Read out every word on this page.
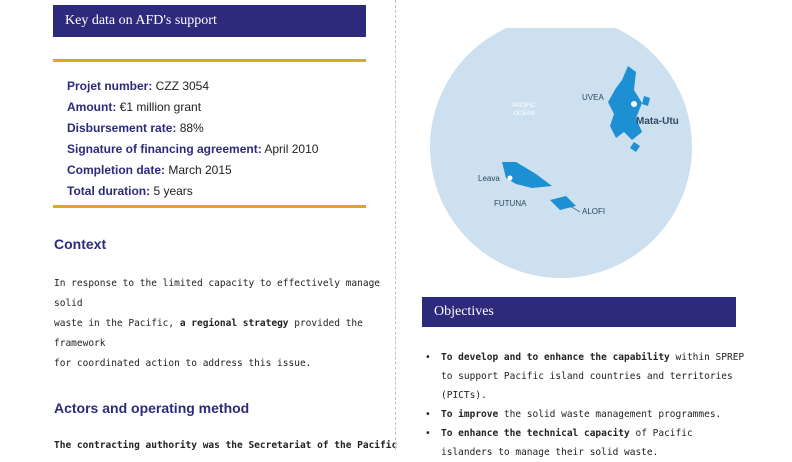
Key data on AFD's support
Projet number: CZZ 3054
Amount: €1 million grant
Disbursement rate: 88%
Signature of financing agreement: April 2010
Completion date: March 2015
Total duration: 5 years
Context
In response to the limited capacity to effectively manage solid
waste in the Pacific, a regional strategy provided the framework
for coordinated action to address this issue.
Actors and operating method
The contracting authority was the Secretariat of the Pacific
PACIFIC
OCEAN
UVEA
Mata-Utu
Leava
FUTUNA
ALOFI
Objectives
• To develop and to enhance the capability within SPREP to support Pacific island countries and territories (PICTs).
• To improve the solid waste management programmes.
• To enhance the technical capacity of Pacific islanders to manage their solid waste.
